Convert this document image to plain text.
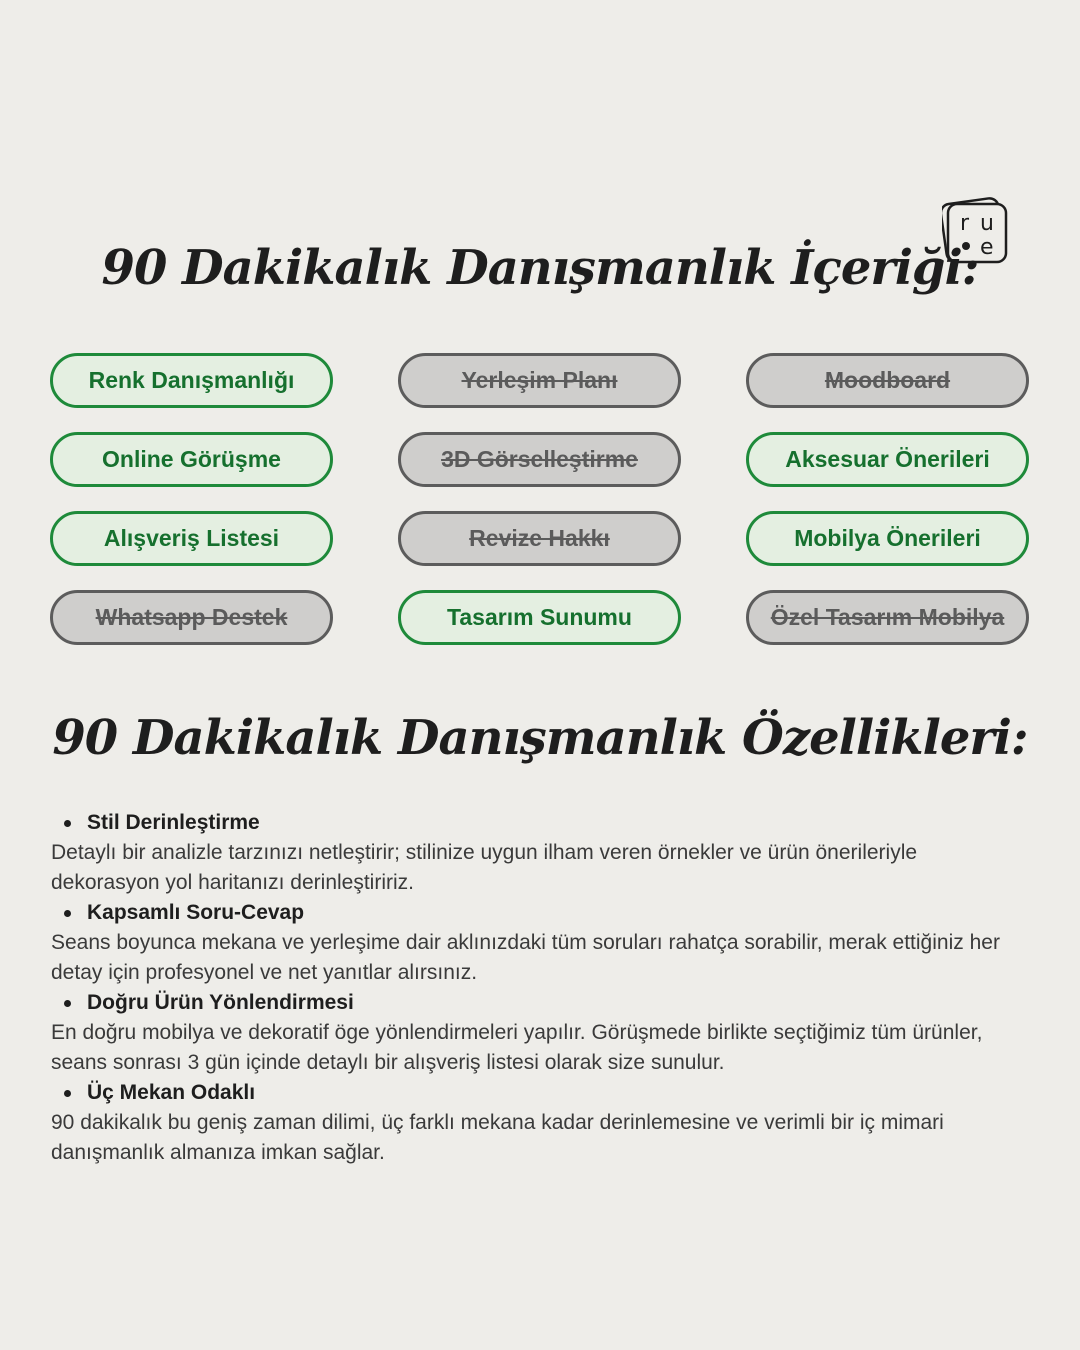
r u
e
90 Dakikalık Danışmanlık İçeriği:
Renk Danışmanlığı	Yerleşim Planı	Moodboard
Online Görüşme	3D Görselleştirme	Aksesuar Önerileri
Alışveriş Listesi	Revize Hakkı	Mobilya Önerileri
Whatsapp Destek	Tasarım Sunumu	Özel Tasarım Mobilya
90 Dakikalık Danışmanlık Özellikleri:
Stil Derinleştirme

Detaylı bir analizle tarzınızı netleştirir; stilinize uygun ilham veren örnekler ve ürün önerileriyle dekorasyon yol haritanızı derinleştiririz.

Kapsamlı Soru-Cevap

Seans boyunca mekana ve yerleşime dair aklınızdaki tüm soruları rahatça sorabilir, merak ettiğiniz her detay için profesyonel ve net yanıtlar alırsınız.

Doğru Ürün Yönlendirmesi

En doğru mobilya ve dekoratif öge yönlendirmeleri yapılır. Görüşmede birlikte seçtiğimiz tüm ürünler, seans sonrası 3 gün içinde detaylı bir alışveriş listesi olarak size sunulur.

Üç Mekan Odaklı

90 dakikalık bu geniş zaman dilimi, üç farklı mekana kadar derinlemesine ve verimli bir iç mimari danışmanlık almanıza imkan sağlar.
